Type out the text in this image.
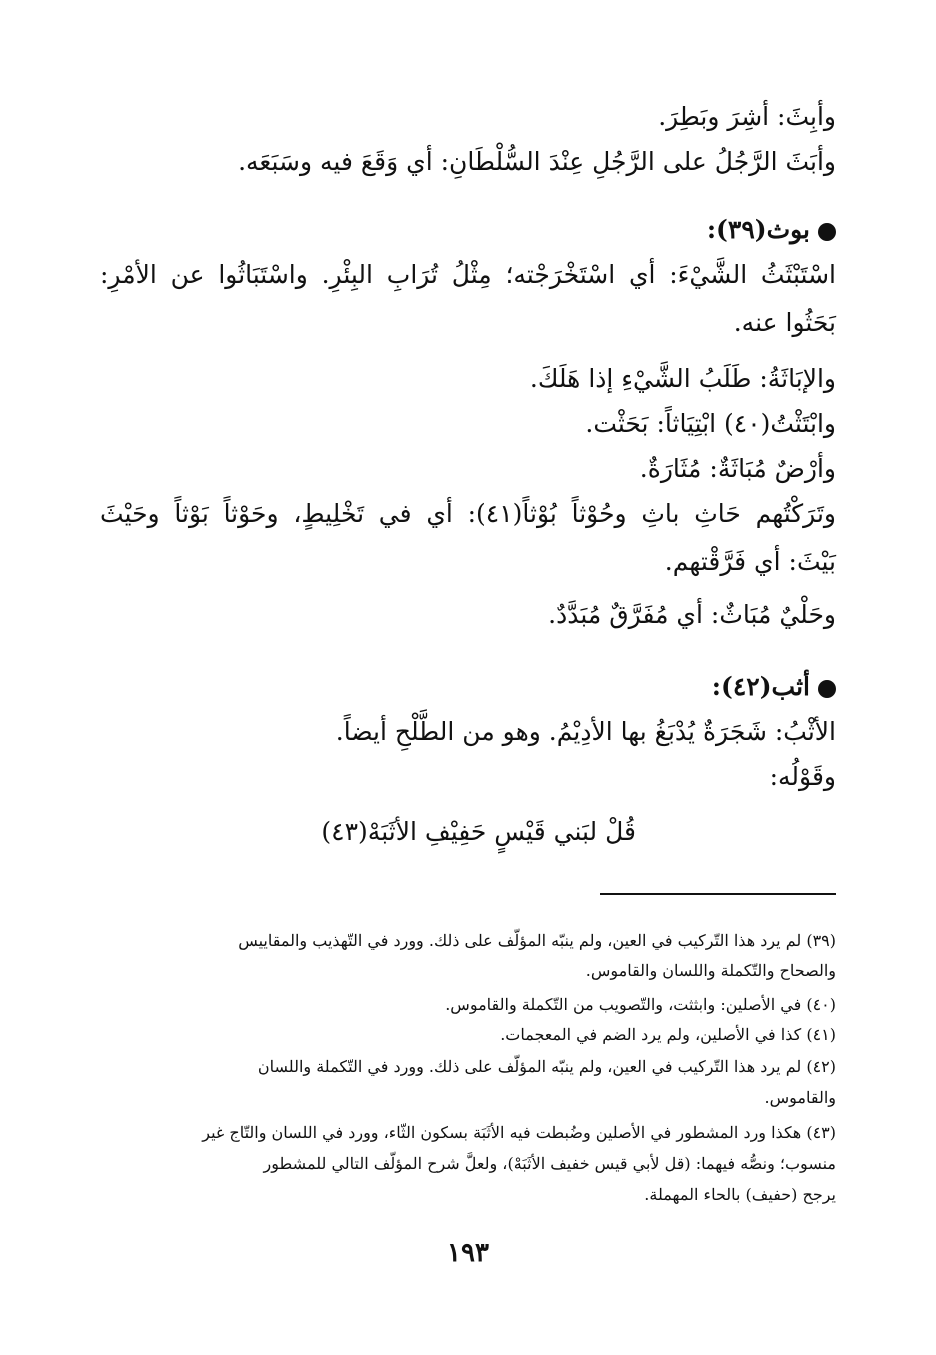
وأبِثَ: أشِرَ وبَطِرَ.
وأبَثَ الرَّجُلُ على الرَّجُلِ عِنْدَ السُّلْطَانِ: أي وَقَعَ فيه وسَبَعَه.
بوث(٣٩):
اسْتَبْثَثُ الشَّيْءَ: أي اسْتَخْرَجْته؛ مِثْلُ تُرَابِ البِئْرِ. واسْتَبَاثُوا عن الأمْرِ:
بَحَثُوا عنه.
والإبَاثَةُ: طَلَبُ الشَّيْءِ إذا هَلَكَ.
وابْتَثْتُ(٤٠) ابْتِيَاثاً: بَحَثْت.
وأرْضٌ مُبَاثَةٌ: مُثَارَةٌ.
وتَرَكْتُهم حَاثِ باثِ وحُوْثاً بُوْثاً(٤١): أي في تَخْلِيطٍ، وحَوْثاً بَوْثاً وحَيْثَ
بَيْثَ: أي فَرَّقْتهم.
وحَلْيٌ مُبَاثٌ: أي مُفَرَّقٌ مُبَدَّدٌ.
أثب(٤٢):
الأثْبُ: شَجَرَةٌ يُدْبَغُ بها الأدِيْمُ. وهو من الطَّلْحِ أيضاً.
وقَوْلُه:
قُلْ لبَني قَيْسٍ حَفِيْفِ الأثَبَهْ(٤٣)
(٣٩) لم يرد هذا التّركيب في العين، ولم ينبّه المؤلّف على ذلك. وورد في التّهذيب والمقاييس
والصحاح والتّكملة واللسان والقاموس.
(٤٠) في الأصلين: وابثثت، والتّصويب من التّكملة والقاموس.
(٤١) كذا في الأصلين، ولم يرد الضم في المعجمات.
(٤٢) لم يرد هذا التّركيب في العين، ولم ينبّه المؤلّف على ذلك. وورد في التّكملة واللسان
والقاموس.
(٤٣) هكذا ورد المشطور في الأصلين وضُبطت فيه الأثَبَة بسكون الثّاء، وورد في اللسان والتّاج غير
منسوب؛ ونصُّه فيهما: (قل لأبي قيس خفيف الأثَبَهْ)، ولعلَّ شرح المؤلّف التالي للمشطور
يرجح (حفيف) بالحاء المهملة.
١٩٣
